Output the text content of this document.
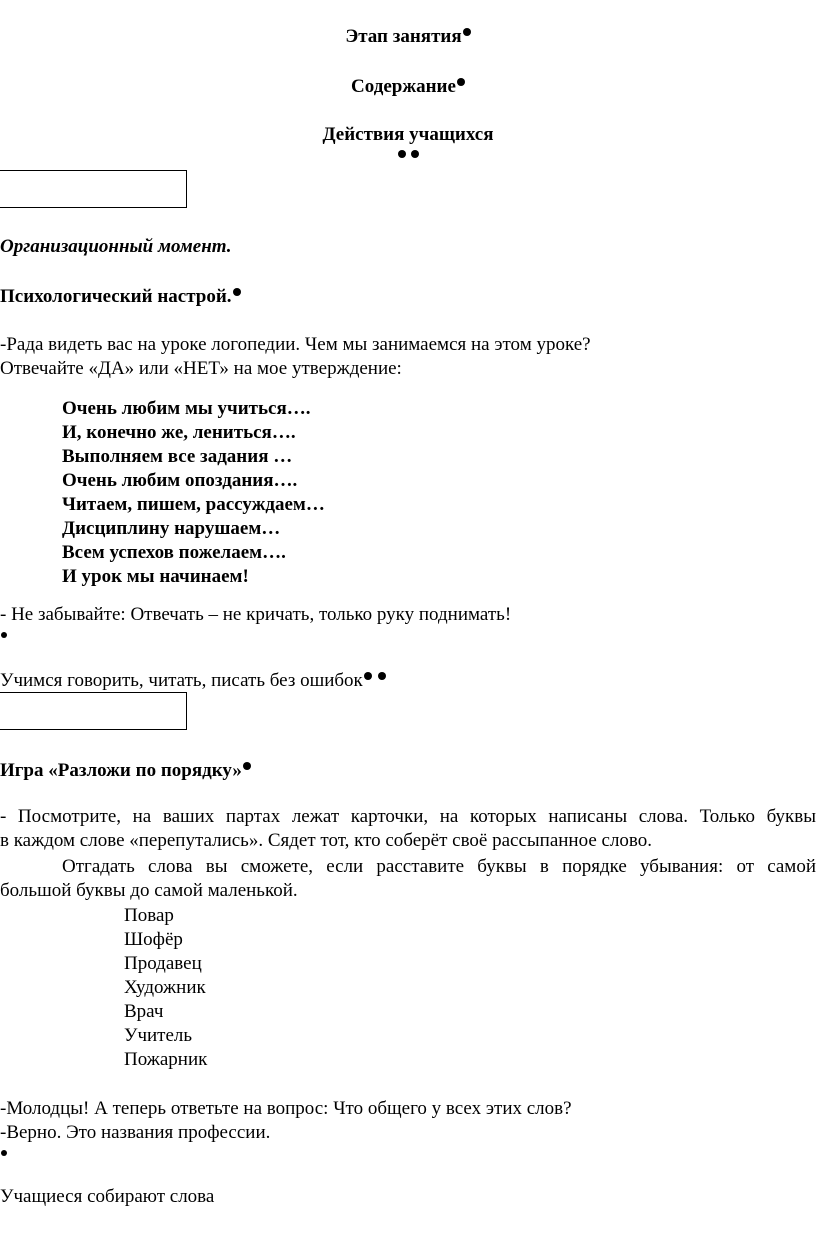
Этап занятия
Содержание
Действия учащихся

Организационный момент.
Психологический настрой.
-Рада видеть вас на уроке логопедии. Чем мы занимаемся на этом уроке?
Отвечайте «ДА» или «НЕТ» на мое утверждение:
Очень любим мы учиться….
И, конечно же, лениться….
Выполняем все задания …
Очень любим опоздания….
Читаем, пишем, рассуждаем…
Дисциплину нарушаем…
Всем успехов пожелаем….
И урок мы начинаем!
- Не забывайте: Отвечать – не кричать, только руку поднимать!
Учимся говорить, читать, писать без ошибок
Игра «Разложи по порядку»
- Посмотрите, на ваших партах лежат карточки, на которых написаны слова. Только буквы
в каждом слове «перепутались». Сядет тот, кто соберёт своё рассыпанное слово.
Отгадать слова вы сможете, если расставите буквы в порядке убывания: от самой
большой буквы до самой маленькой.
Повар
Шофёр
Продавец
Художник
Врач
Учитель
Пожарник
-Молодцы! А теперь ответьте на вопрос: Что общего у всех этих слов?
-Верно. Это названия профессии.
Учащиеся собирают слова
